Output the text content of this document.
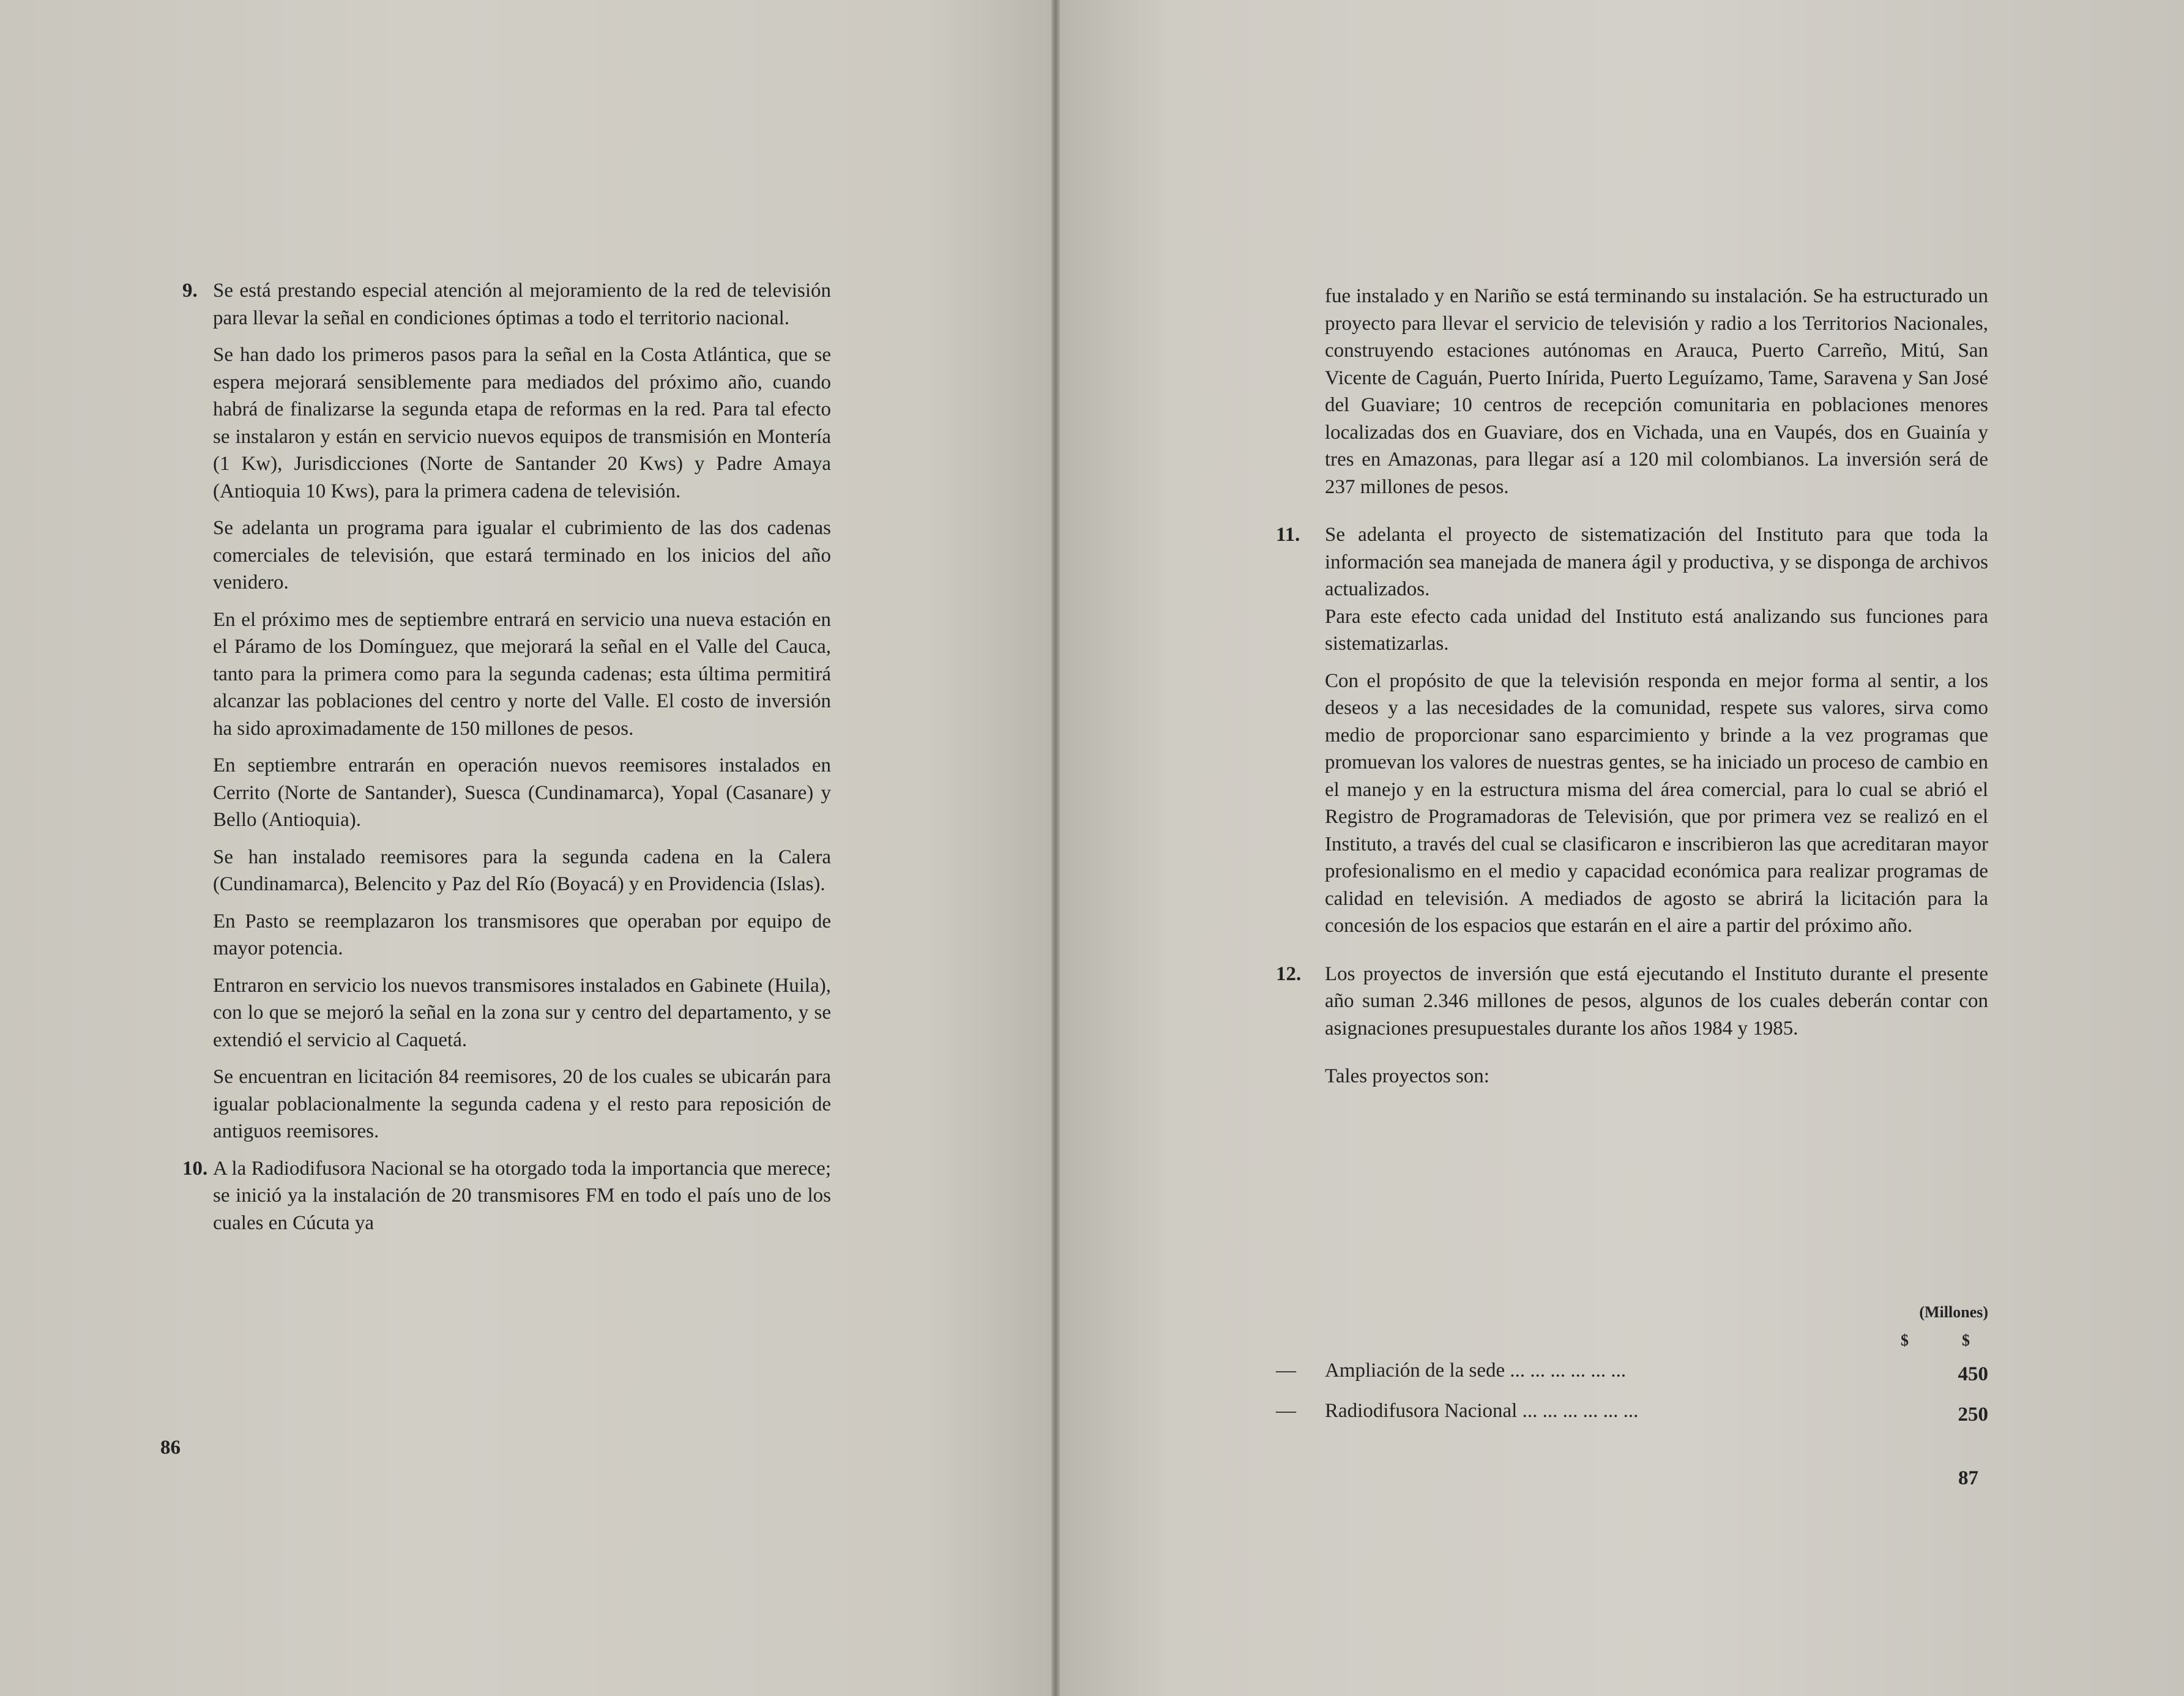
9. Se está prestando especial atención al mejoramiento de la red de televisión para llevar la señal en condiciones óptimas a todo el territorio nacional.
Se han dado los primeros pasos para la señal en la Costa Atlántica, que se espera mejorará sensiblemente para mediados del próximo año, cuando habrá de finalizarse la segunda etapa de reformas en la red. Para tal efecto se instalaron y están en servicio nuevos equipos de transmisión en Montería (1 Kw), Jurisdicciones (Norte de Santander 20 Kws) y Padre Amaya (Antioquia 10 Kws), para la primera cadena de televisión.
Se adelanta un programa para igualar el cubrimiento de las dos cadenas comerciales de televisión, que estará terminado en los inicios del año venidero.
En el próximo mes de septiembre entrará en servicio una nueva estación en el Páramo de los Domínguez, que mejorará la señal en el Valle del Cauca, tanto para la primera como para la segunda cadenas; esta última permitirá alcanzar las poblaciones del centro y norte del Valle. El costo de inversión ha sido aproximadamente de 150 millones de pesos.
En septiembre entrarán en operación nuevos reemisores instalados en Cerrito (Norte de Santander), Suesca (Cundinamarca), Yopal (Casanare) y Bello (Antioquia).
Se han instalado reemisores para la segunda cadena en la Calera (Cundinamarca), Belencito y Paz del Río (Boyacá) y en Providencia (Islas).
En Pasto se reemplazaron los transmisores que operaban por equipo de mayor potencia.
Entraron en servicio los nuevos transmisores instalados en Gabinete (Huila), con lo que se mejoró la señal en la zona sur y centro del departamento, y se extendió el servicio al Caquetá.
Se encuentran en licitación 84 reemisores, 20 de los cuales se ubicarán para igualar poblacionalmente la segunda cadena y el resto para reposición de antiguos reemisores.
10. A la Radiodifusora Nacional se ha otorgado toda la importancia que merece; se inició ya la instalación de 20 transmisores FM en todo el país uno de los cuales en Cúcuta ya
86
fue instalado y en Nariño se está terminando su instalación. Se ha estructurado un proyecto para llevar el servicio de televisión y radio a los Territorios Nacionales, construyendo estaciones autónomas en Arauca, Puerto Carreño, Mitú, San Vicente de Caguán, Puerto Inírida, Puerto Leguízamo, Tame, Saravena y San José del Guaviare; 10 centros de recepción comunitaria en poblaciones menores localizadas dos en Guaviare, dos en Vichada, una en Vaupés, dos en Guainía y tres en Amazonas, para llegar así a 120 mil colombianos. La inversión será de 237 millones de pesos.
11.	Se adelanta el proyecto de sistematización del Instituto para que toda la información sea manejada de manera ágil y productiva, y se disponga de archivos actualizados.
Para este efecto cada unidad del Instituto está analizando sus funciones para sistematizarlas.
Con el propósito de que la televisión responda en mejor forma al sentir, a los deseos y a las necesidades de la comunidad, respete sus valores, sirva como medio de proporcionar sano esparcimiento y brinde a la vez programas que promuevan los valores de nuestras gentes, se ha iniciado un proceso de cambio en el manejo y en la estructura misma del área comercial, para lo cual se abrió el Registro de Programadoras de Televisión, que por primera vez se realizó en el Instituto, a través del cual se clasificaron e inscribieron las que acreditaran mayor profesionalismo en el medio y capacidad económica para realizar programas de calidad en televisión. A mediados de agosto se abrirá la licitación para la concesión de los espacios que estarán en el aire a partir del próximo año.
12.	Los proyectos de inversión que está ejecutando el Instituto durante el presente año suman 2.346 millones de pesos, algunos de los cuales deberán contar con asignaciones presupuestales durante los años 1984 y 1985.
Tales proyectos son:
(Millones)
$	$
— Ampliación de la sede ... ... ... ... ... ...	450
— Radiodifusora Nacional ... ... ... ... ... ...	250
87
